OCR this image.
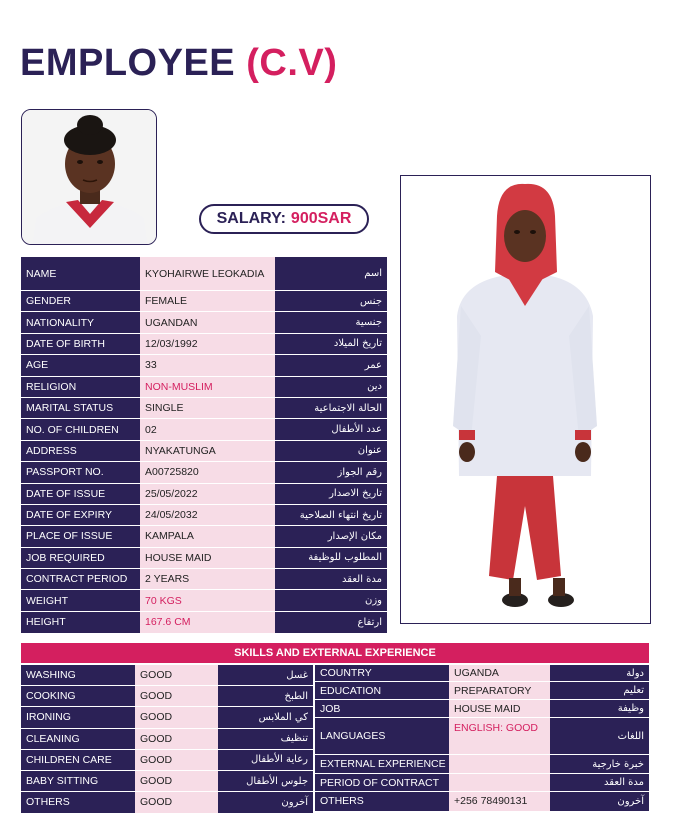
EMPLOYEE (C.V)
SALARY: 900SAR
NAME	KYOHAIRWE LEOKADIA	اسم
GENDER	FEMALE	جنس
NATIONALITY	UGANDAN	جنسية
DATE OF BIRTH	12/03/1992	تاريخ الميلاد
AGE	33	عمر
RELIGION	NON-MUSLIM	دين
MARITAL STATUS	SINGLE	الحالة الاجتماعية
NO. OF CHILDREN	02	عدد الأطفال
ADDRESS	NYAKATUNGA	عنوان
PASSPORT NO.	A00725820	رقم الجواز
DATE OF ISSUE	25/05/2022	تاريخ الاصدار
DATE OF EXPIRY	24/05/2032	تاريخ انتهاء الصلاحية
PLACE OF ISSUE	KAMPALA	مكان الإصدار
JOB REQUIRED	HOUSE MAID	المطلوب للوظيفة
CONTRACT PERIOD	2 YEARS	مدة العقد
WEIGHT	70 KGS	وزن
HEIGHT	167.6 CM	ارتفاع
SKILLS AND EXTERNAL EXPERIENCE
WASHING	GOOD	غسل
COOKING	GOOD	الطبخ
IRONING	GOOD	كي الملابس
CLEANING	GOOD	تنظيف
CHILDREN CARE	GOOD	رعاية الأطفال
BABY SITTING	GOOD	جلوس الأطفال
OTHERS	GOOD	آخرون
COUNTRY	UGANDA	دولة
EDUCATION	PREPARATORY	تعليم
JOB	HOUSE MAID	وظيفة
LANGUAGES	ENGLISH: GOOD	اللغات
EXTERNAL EXPERIENCE		خبرة خارجية
PERIOD OF CONTRACT		مدة العقد
OTHERS	+256 78490131	آخرون
